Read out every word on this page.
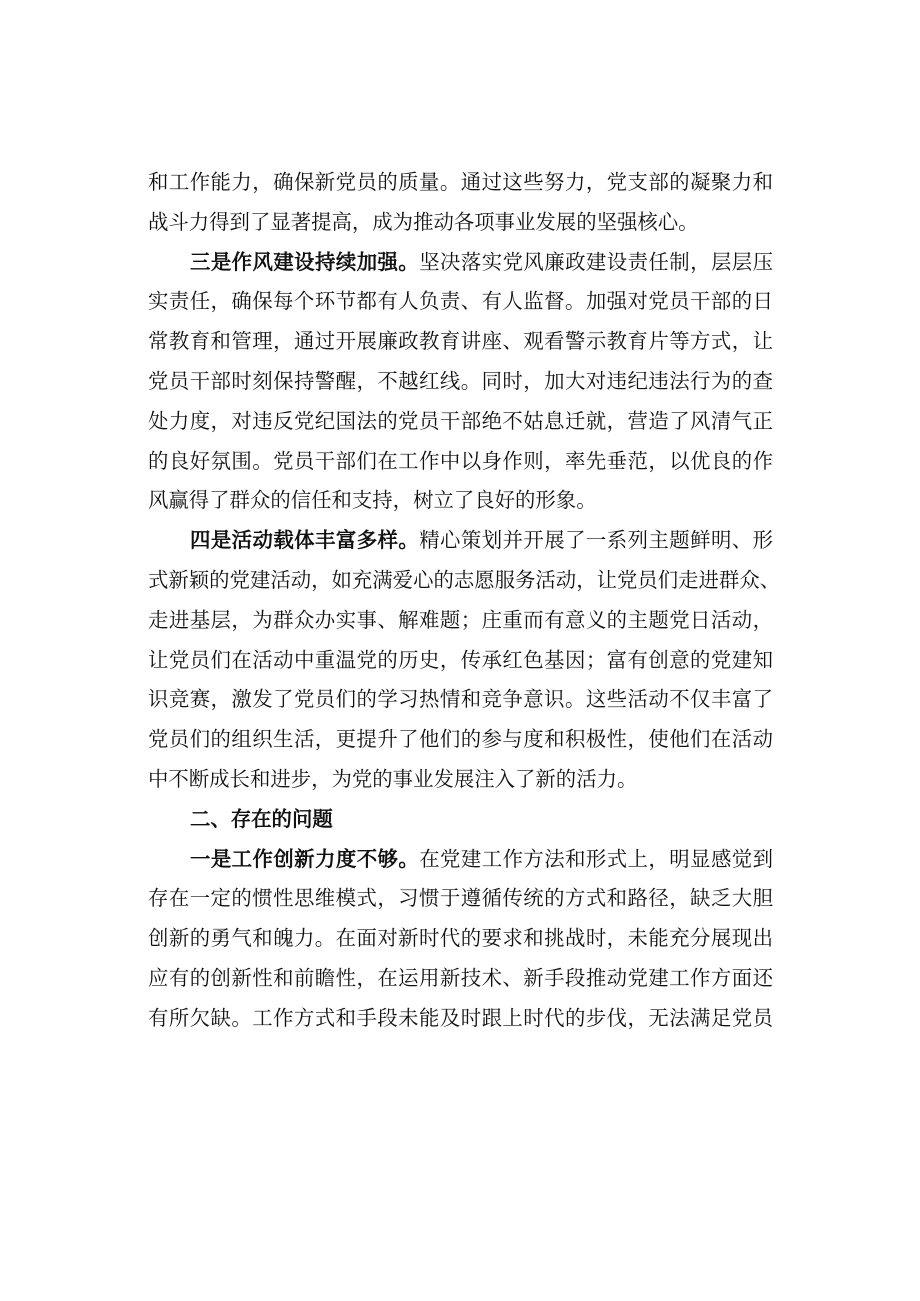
和工作能力，确保新党员的质量。通过这些努力，党支部的凝聚力和
战斗力得到了显著提高，成为推动各项事业发展的坚强核心。
三是作风建设持续加强。坚决落实党风廉政建设责任制，层层压
实责任，确保每个环节都有人负责、有人监督。加强对党员干部的日
常教育和管理，通过开展廉政教育讲座、观看警示教育片等方式，让
党员干部时刻保持警醒，不越红线。同时，加大对违纪违法行为的查
处力度，对违反党纪国法的党员干部绝不姑息迁就，营造了风清气正
的良好氛围。党员干部们在工作中以身作则，率先垂范，以优良的作
风赢得了群众的信任和支持，树立了良好的形象。
四是活动载体丰富多样。精心策划并开展了一系列主题鲜明、形
式新颖的党建活动，如充满爱心的志愿服务活动，让党员们走进群众、
走进基层，为群众办实事、解难题；庄重而有意义的主题党日活动，
让党员们在活动中重温党的历史，传承红色基因；富有创意的党建知
识竞赛，激发了党员们的学习热情和竞争意识。这些活动不仅丰富了
党员们的组织生活，更提升了他们的参与度和积极性，使他们在活动
中不断成长和进步，为党的事业发展注入了新的活力。
二、存在的问题
一是工作创新力度不够。在党建工作方法和形式上，明显感觉到
存在一定的惯性思维模式，习惯于遵循传统的方式和路径，缺乏大胆
创新的勇气和魄力。在面对新时代的要求和挑战时，未能充分展现出
应有的创新性和前瞻性，在运用新技术、新手段推动党建工作方面还
有所欠缺。工作方式和手段未能及时跟上时代的步伐，无法满足党员
